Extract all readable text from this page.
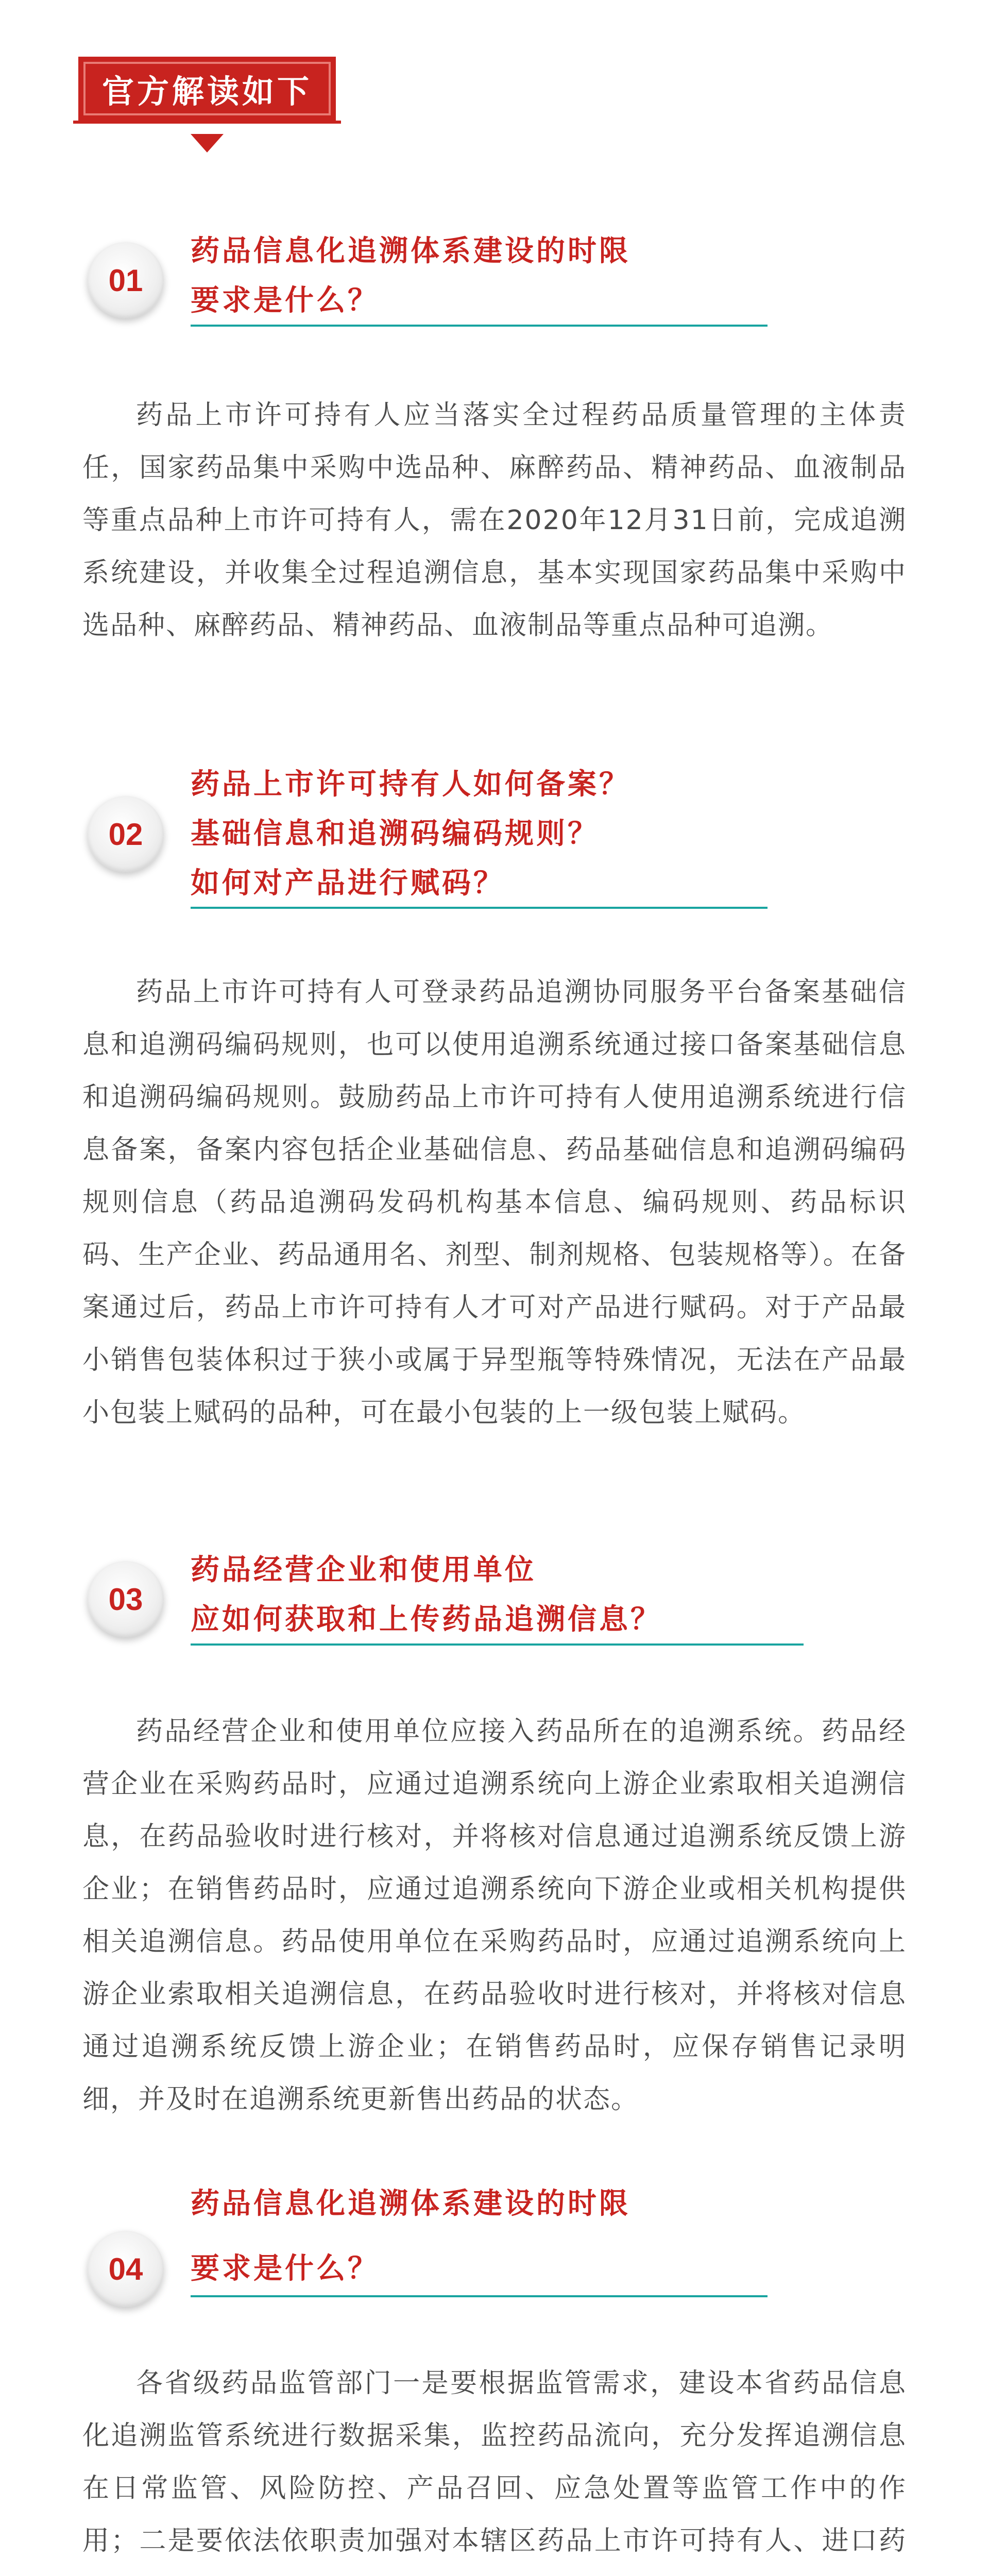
官方解读如下
01
药品信息化追溯体系建设的时限
要求是什么？
药品上市许可持有人应当落实全过程药品质量管理的主体责任，国家药品集中采购中选品种、麻醉药品、精神药品、血液制品等重点品种上市许可持有人，需在2020年12月31日前，完成追溯系统建设，并收集全过程追溯信息，基本实现国家药品集中采购中选品种、麻醉药品、精神药品、血液制品等重点品种可追溯。
02
药品上市许可持有人如何备案？
基础信息和追溯码编码规则？
如何对产品进行赋码？
药品上市许可持有人可登录药品追溯协同服务平台备案基础信息和追溯码编码规则，也可以使用追溯系统通过接口备案基础信息和追溯码编码规则。鼓励药品上市许可持有人使用追溯系统进行信息备案，备案内容包括企业基础信息、药品基础信息和追溯码编码规则信息（药品追溯码发码机构基本信息、编码规则、药品标识码、生产企业、药品通用名、剂型、制剂规格、包装规格等）。在备案通过后，药品上市许可持有人才可对产品进行赋码。对于产品最小销售包装体积过于狭小或属于异型瓶等特殊情况，无法在产品最小包装上赋码的品种，可在最小包装的上一级包装上赋码。
03
药品经营企业和使用单位
应如何获取和上传药品追溯信息？
药品经营企业和使用单位应接入药品所在的追溯系统。药品经营企业在采购药品时，应通过追溯系统向上游企业索取相关追溯信息，在药品验收时进行核对，并将核对信息通过追溯系统反馈上游企业；在销售药品时，应通过追溯系统向下游企业或相关机构提供相关追溯信息。药品使用单位在采购药品时，应通过追溯系统向上游企业索取相关追溯信息，在药品验收时进行核对，并将核对信息通过追溯系统反馈上游企业；在销售药品时，应保存销售记录明细，并及时在追溯系统更新售出药品的状态。
04
药品信息化追溯体系建设的时限
要求是什么？
各省级药品监管部门一是要根据监管需求，建设本省药品信息化追溯监管系统进行数据采集，监控药品流向，充分发挥追溯信息在日常监管、风险防控、产品召回、应急处置等监管工作中的作用；二是要依法依职责加强对本辖区药品上市许可持有人、进口药
